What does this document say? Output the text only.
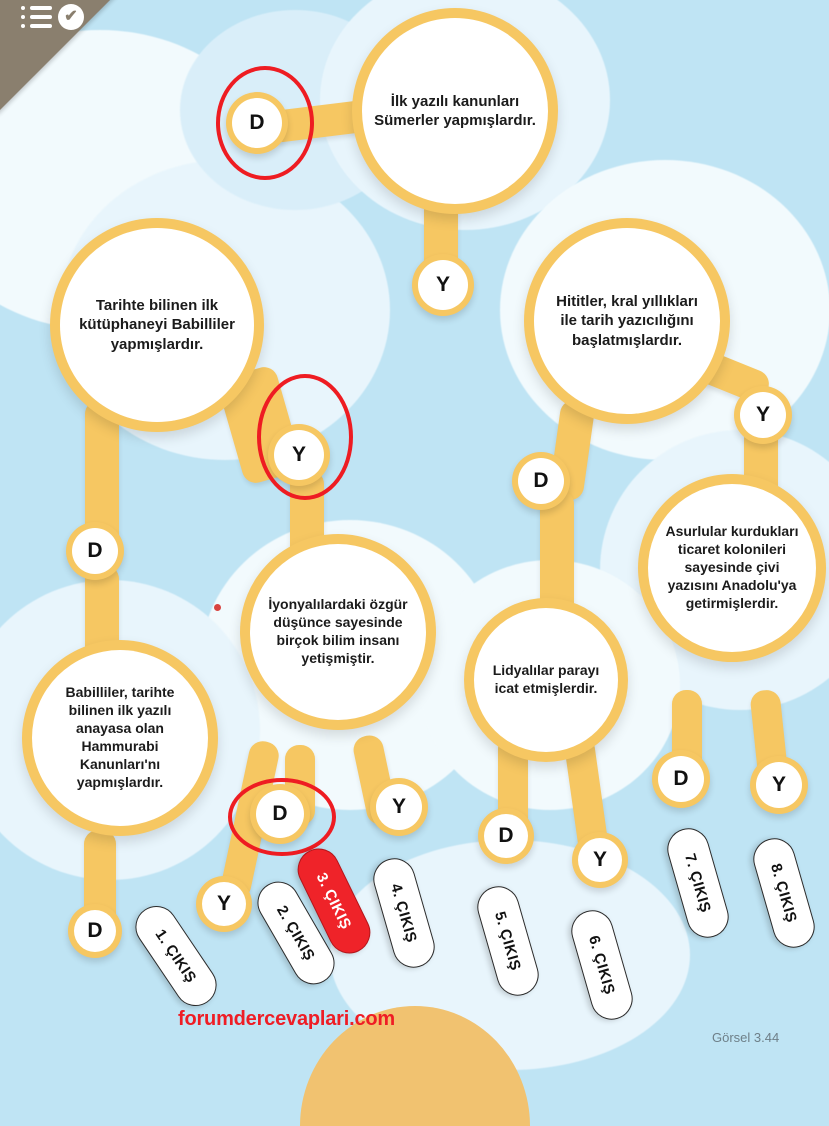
✔
İlk yazılı kanunları Sümerler yapmışlardır.
Hititler, kral yıllıkları ile tarih yazıcılığını başlatmışlardır.
Tarihte bilinen ilk kütüphaneyi Babilliler yapmışlardır.
Asurlular kurdukları ticaret kolonileri sayesinde çivi yazısını Anadolu'ya getirmişlerdir.
İyonyalılardaki özgür düşünce sayesinde birçok bilim insanı yetişmiştir.
Lidyalılar parayı icat etmişlerdir.
Babilliler, tarihte bilinen ilk yazılı anayasa olan Hammurabi Kanunları'nı yapmışlardır.
D
Y
Y
Y
D
D
D	Y
D
Y
D
Y
D	Y
1. ÇIKIŞ	2. ÇIKIŞ
3. ÇIKIŞ 4. ÇIKIŞ	5. ÇIKIŞ	6. ÇIKIŞ
7. ÇIKIŞ	8. ÇIKIŞ
forumdercevaplari.com
Görsel 3.44
